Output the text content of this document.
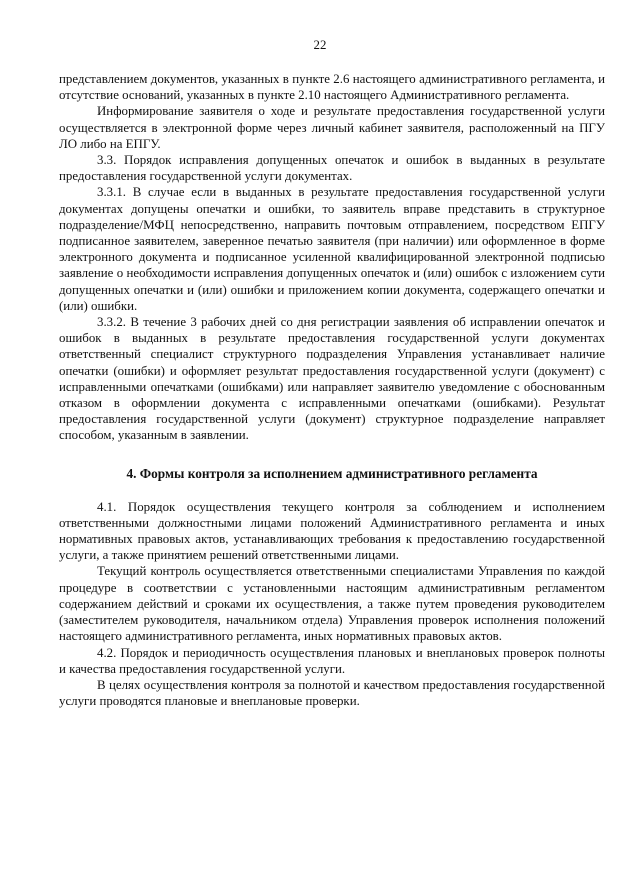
22

представлением документов, указанных в пункте 2.6 настоящего административного регламента, и отсутствие оснований, указанных в пункте 2.10 настоящего Административного регламента.

Информирование заявителя о ходе и результате предоставления государственной услуги осуществляется в электронной форме через личный кабинет заявителя, расположенный на ПГУ ЛО либо на ЕПГУ.

3.3. Порядок исправления допущенных опечаток и ошибок в выданных в результате предоставления государственной услуги документах.

3.3.1. В случае если в выданных в результате предоставления государственной услуги документах допущены опечатки и ошибки, то заявитель вправе представить в структурное подразделение/МФЦ непосредственно, направить почтовым отправлением, посредством ЕПГУ подписанное заявителем, заверенное печатью заявителя (при наличии) или оформленное в форме электронного документа и подписанное усиленной квалифицированной электронной подписью заявление о необходимости исправления допущенных опечаток и (или) ошибок с изложением сути допущенных опечатки и (или) ошибки и приложением копии документа, содержащего опечатки и (или) ошибки.

3.3.2. В течение 3 рабочих дней со дня регистрации заявления об исправлении опечаток и ошибок в выданных в результате предоставления государственной услуги документах ответственный специалист структурного подразделения Управления устанавливает наличие опечатки (ошибки) и оформляет результат предоставления государственной услуги (документ) с исправленными опечатками (ошибками) или направляет заявителю уведомление с обоснованным отказом в оформлении документа с исправленными опечатками (ошибками). Результат предоставления государственной услуги (документ) структурное подразделение направляет способом, указанным в заявлении.

4. Формы контроля за исполнением административного регламента

4.1. Порядок осуществления текущего контроля за соблюдением и исполнением ответственными должностными лицами положений Административного регламента и иных нормативных правовых актов, устанавливающих требования к предоставлению государственной услуги, а также принятием решений ответственными лицами.

Текущий контроль осуществляется ответственными специалистами Управления по каждой процедуре в соответствии с установленными настоящим административным регламентом содержанием действий и сроками их осуществления, а также путем проведения руководителем (заместителем руководителя, начальником отдела) Управления проверок исполнения положений настоящего административного регламента, иных нормативных правовых актов.

4.2. Порядок и периодичность осуществления плановых и внеплановых проверок полноты и качества предоставления государственной услуги.

В целях осуществления контроля за полнотой и качеством предоставления государственной услуги проводятся плановые и внеплановые проверки.
